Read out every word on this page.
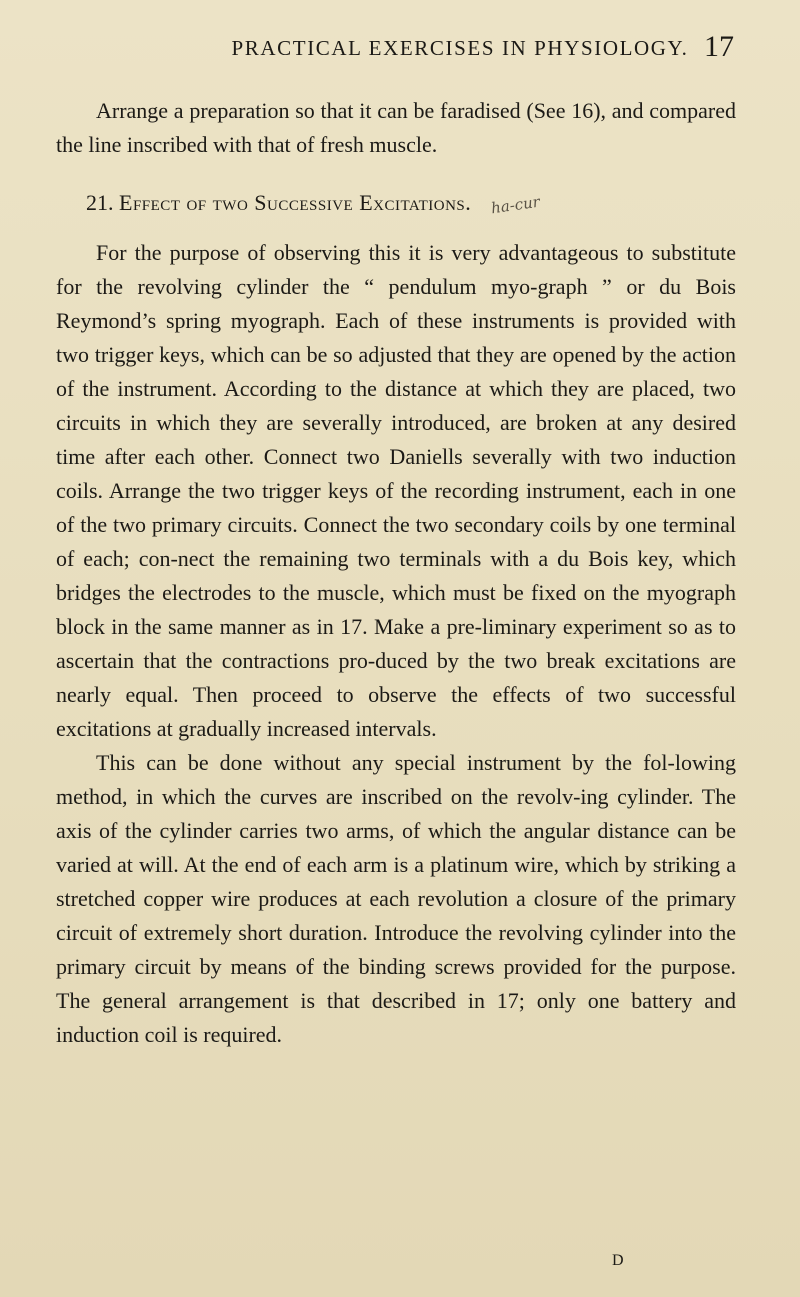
PRACTICAL EXERCISES IN PHYSIOLOGY. 17

Arrange a preparation so that it can be faradised (See 16), and compared the line inscribed with that of fresh muscle.

21. Effect of two Successive Excitations. ha-cur

For the purpose of observing this it is very advantageous to substitute for the revolving cylinder the “ pendulum myo-graph ” or du Bois Reymond’s spring myograph. Each of these instruments is provided with two trigger keys, which can be so adjusted that they are opened by the action of the instrument. According to the distance at which they are placed, two circuits in which they are severally introduced, are broken at any desired time after each other. Connect two Daniells severally with two induction coils. Arrange the two trigger keys of the recording instrument, each in one of the two primary circuits. Connect the two secondary coils by one terminal of each; con-nect the remaining two terminals with a du Bois key, which bridges the electrodes to the muscle, which must be fixed on the myograph block in the same manner as in 17. Make a pre-liminary experiment so as to ascertain that the contractions pro-duced by the two break excitations are nearly equal. Then proceed to observe the effects of two successful excitations at gradually increased intervals.

This can be done without any special instrument by the fol-lowing method, in which the curves are inscribed on the revolv-ing cylinder. The axis of the cylinder carries two arms, of which the angular distance can be varied at will. At the end of each arm is a platinum wire, which by striking a stretched copper wire produces at each revolution a closure of the primary circuit of extremely short duration. Introduce the revolving cylinder into the primary circuit by means of the binding screws provided for the purpose. The general arrangement is that described in 17; only one battery and induction coil is required.

D
